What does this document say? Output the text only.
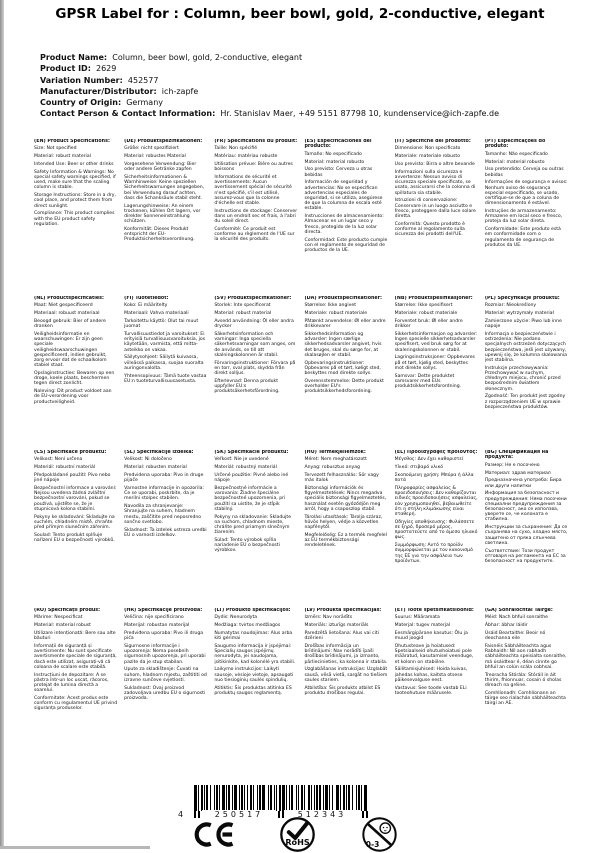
GPSR Label for : Column, beer bowl, gold, 2-conductive, elegant
Product Name: Column, beer bowl, gold, 2-conductive, elegant
Product ID: 2629
Variation Number: 452577
Manufacturer/Distributor: ich-zapfe
Country of Origin: Germany
Contact Person & Contact Information: Hr. Stanislav Maer, +49 5151 87798 10, kundenservice@ich-zapfe.de
(EN) Product Specifications:

Size: Not specified

Material: robust material

Intended Use: Beer or other drinks

Safety Information & Warnings: No special safety warnings specified, if used, make sure that the scaling column is stable.

Storage Instructions: Store in a dry, cool place, and protect them from direct sunlight.

Compliance: This product complies with the EU product safety regulation.

(DE) Produktspezifikationen:

Größe: nicht spezifiziert

Material: robustes Material

Vorgesehene Verwendung: Bier oder andere Getränke zapfen

Sicherheitsinformationen & Warnhinweise: Keine speziellen Sicherheitswarnungen angegeben, bei Verwendung darauf achten, dass die Schanksäule stabil steht.

Lagerungshinweise: An einem trockenen, kühlen Ort lagern, vor direkter Sonneneinstrahlung schützen.

Konformität: Dieses Produkt entspricht der EU-Produktsicherheitsverordnung.

(FR) Spécifications du produit:

Taille: Non spécifié

Matériau: matériau robuste

Utilisation prévue: Bière ou autres boissons

Informations de sécurité et avertissements: Aucun avertissement spécial de sécurité n'est spécifié, s'il est utilisé, assurez-vous que la colonne d'échelle est stable.

Instructions de stockage: Conserver dans un endroit sec et frais, à l'abri du soleil direct.

Conformité: Ce produit est conforme au règlement de l'UE sur la sécurité des produits.

(ES) Especificaciones del producto:

Tamaño: No especificado

Material: material robusto

Uso previsto: Cerveza u otras bebidas

Información de seguridad y advertencias: No se especifican advertencias especiales de seguridad, si se utiliza, asegúrese de que la columna de escala esté estable.

Instrucciones de almacenamiento: Almacenar en un lugar seco y fresco, protegido de la luz solar directa.

Conformidad: Este producto cumple con el reglamento de seguridad de productos de la UE.

(IT) Specifiche del prodotto:

Dimensione: Non specificato

Materiale: materiale robusto

Uso previsto: Birra o altre bevande

Informazioni sulla sicurezza e avvertenze: Nessun avviso di sicurezza speciale specificato, se usato, assicurarsi che la colonna di spillatura sia stabile.

Istruzioni di conservazione: Conservare in un luogo asciutto e fresco, proteggere dalla luce solare diretta.

Conformità: Questo prodotto è conforme al regolamento sulla sicurezza dei prodotti dell'UE.

(PT) Especificações do produto:

Tamanho: Não especificado

Material: material robusto

Uso pretendido: Cerveja ou outras bebidas

Informações de segurança e avisos: Nenhum aviso de segurança especial especificado, se usado, certifique-se de que a coluna de dimensionamento é estável.

Instruções de armazenamento: Armazene em local seco e fresco, proteja da luz solar direta.

Conformidade: Este produto está em conformidade com o regulamento de segurança de produtos da UE.

(NL) Productspecificaties:

Maat: Niet gespecificeerd

Materiaal: robuust materiaal

Beoogd gebruik: Bier of andere dranken

Veiligheidsinformatie en waarschuwingen: Er zijn geen speciale veiligheidswaarschuwingen gespecificeerd, indien gebruikt, zorg ervoor dat de schaalkolom stabiel staat.

Opslaginstructies: Bewaren op een droge, koele plaats, beschermen tegen direct zonlicht.

Naleving: Dit product voldoet aan de EU-verordening voor productveiligheid.

(FI) Tuotetiedot:

Koko: Ei määritelty

Materiaali: Vahva materiaali

Tarkoitettu käyttö: Olut tai muut juomat

Turvallisuustiedot ja varoitukset: Ei erityisiä turvallisuusvaroituksia, jos käytetään, varmista, että mitta-asteikko on vakaa.

Säilytysohjeet: Säilytä kuivassa, viileässä paikassa, suojaa suoralta auringonvalolta.

Yhteensopivuus: Tämä tuote vastaa EU:n tuoteturvallisuusasetusta.

(SV) Produktspecifikationer:

Storlek: Inte specificerat

Material: robust material

Avsedd användning: Öl eller andra drycker

Säkerhetsinformation och varningar: Inga speciella säkerhetsvarningar som anges, om de används, se till att skalningskolonnen är stabil.

Förvaringsinstruktioner: Förvara på en torr, sval plats, skydda från direkt solljus.

Efterlevnad: Denna produkt uppfyller EU:s produktsäkerhetsförordning.

(DA) Produktspecifikationer:

Størrelse: Ikke angivet

Materiale: robust materiale

Påtænkt anvendelse: Øl eller andre drikkevarer

Sikkerhedsinformation og advarsler: Ingen særlige sikkerhedsadvarsler angivet, hvis det bruges, skal du sørge for, at skalasøjlen er stabil.

Opbevaringsinstruktioner: Opbevares på et tørt, køligt sted, beskyttes mod direkte sollys.

Overensstemmelse: Dette produkt overholder EU's produktsikkerhedsforordning.

(NB) Produktspesifikasjoner:

Størrelse: Ikke spesifisert

Materiale: robust materiale

Forventet bruk: Øl eller andre drikker

Sikkerhetsinformasjon og advarsler: Ingen spesielle sikkerhetsadvarsler spesifisert, ved bruk sørg for at skaleringskolonnen er stabil.

Lagringsinstruksjoner: Oppbevares på et tørt, kjølig sted, beskyttes mot direkte sollys.

Samsvar: Dette produktet samsvarer med EUs produktsikkerhetsforordning.

(PL) Specyfikacje produktu:

Rozmiar: Nieokreślony

Materiał: wytrzymały materiał

Zamierzone użycie: Piwo lub inne napoje

Informacja o bezpieczeństwie i ostrzeżenia: Nie podano specjalnych ostrzeżeń dotyczących bezpieczeństwa, jeśli jest używany, upewnij się, że kolumna skalowania jest stabilna.

Instrukcje przechowywania: Przechowywać w suchym, chłodnym miejscu, chronić przed bezpośrednim światłem słonecznym.

Zgodność: Ten produkt jest zgodny z rozporządzeniem UE w sprawie bezpieczeństwa produktów.

(CS) Specifikace produktu:

Velikost: Není určena

Materiál: robustní materiál

Předpokládané použití: Pivo nebo jiné nápoje

Bezpečnostní informace a varování: Nejsou uvedena žádná zvláštní bezpečnostní varování, pokud se používá, ujistěte se, že je stupnicová kolona stabilní.

Pokyny ke skladování: Skladujte na suchém, chladném místě, chraňte před přímým slunečním zářením.

Soulad: Tento produkt splňuje nařízení EU o bezpečnosti výrobků.

(SL) Specifikacije izdelka:

Velikost: Ni določeno

Material: robusten material

Predvidena uporaba: Pivo in druge pijače

Varnostne informacije in opozorila: Če se uporabi, poskrbite, da je merilni stolpec stabilen.

Navodila za shranjevanje: Shranjujte na suhem, hladnem mestu, zaščitite pred neposredno sončno svetlobo.

Skladnost: Ta izdelek ustreza uredbi EU o varnosti izdelkov.

(SK) Špecifikácie produktu:

Veľkosť: Nie je uvedené

Materiál: robustný materiál

Určené použitie: Pivné alebo iné nápoje

Bezpečnostné informácie a varovania: Žiadne špeciálne bezpečnostné upozornenia, pri použití sa uistite, že je stĺpik stabilný.

Pokyny na skladovanie: Skladujte na suchom, chladnom mieste, chráňte pred priamym slnečným žiarením.

Súlad: Tento výrobok spĺňa nariadenie EÚ o bezpečnosti výrobkov.

(HU) Termékjellemzők:

Méret: Nem meghatározott

Anyag: robusztus anyag

Tervezett felhasználás: Sör vagy más italok

Biztonsági információk és figyelmeztetések: Nincs megadva speciális biztonsági figyelmeztetés, használat esetén győződjön meg arról, hogy a csaposzlop stabil.

Tárolási utasítások: Tárolja száraz, hűvös helyen, védje a közvetlen napfénytől.

Megfelelőség: Ez a termék megfelel az EU termékbiztonsági rendeletének.

(EL) Προδιαγραφές προϊόντος:

Μέγεθος: Δεν έχει καθοριστεί

Υλικό: στιβαρό υλικό

Σκοπούμενη χρήση: Μπύρα ή άλλα ποτά

Πληροφορίες ασφαλείας & προειδοποιήσεις: Δεν καθορίζονται ειδικές προειδοποιήσεις ασφαλείας, εάν χρησιμοποιηθεί, βεβαιωθείτε ότι η στήλη κλιμάκωσης είναι σταθερή.

Οδηγίες αποθήκευσης: Φυλάσσετε σε ξηρό, δροσερό μέρος, προστατεύετε από το άμεσο ηλιακό φως.

Συμμόρφωση: Αυτό το προϊόν συμμορφώνεται με τον κανονισμό της ΕΕ για την ασφάλεια των προϊόντων.

(BG) Спецификация на продукта:

Размер: Не е посочено

Материал: здрав материал

Предназначена употреба: Бира или други напитки

Информация за безопасност и предупреждения: Няма посочени специални предупреждения за безопасност, ако се използва, уверете се, че колоната е стабилна.

Инструкции за съхранение: Да се съхранява на сухо, хладно място, защитено от пряка слънчева светлина.

Съответствие: Този продукт отговаря на регламента на ЕС за безопасност на продуктите.

(RO) Specificații produs:

Mărime: Nespecificat

Material: material robust

Utilizare intenționată: Bere sau alte băuturi

Informații de siguranță și avertismente: Nu sunt specificate avertismente speciale de siguranță, dacă este utilizat, asigurați-vă că coloana de scalare este stabilă.

Instrucțiuni de depozitare: A se păstra într-un loc uscat, răcoros, protejat de lumina directă a soarelui.

Conformitate: Acest produs este conform cu regulamentul UE privind siguranța produselor.

(HR) Specifikacije proizvoda:

Veličina: nije specificirano

Materijal: robustan materijal

Predviđena uporaba: Pivo ili druga pića

Sigurnosne informacije i upozorenja: Nema posebnih sigurnosnih upozorenja, pri uporabi pazite da je stup stabilan.

Upute za skladištenje: Čuvati na suhom, hladnom mjestu, zaštititi od izravne sunčeve svjetlosti.

Sukladnost: Ovaj proizvod zadovoljava uredbu EU o sigurnosti proizvoda.

(LT) Produkto specifikacijos:

Dydis: Nenurodyta

Medžiaga: tvirtos medžiagos

Numatytas naudojimas: Alus arba kiti gėrimai

Saugumo informacija ir įspėjimai: Specialių saugos įspėjimų nenurodyta, jei naudojama, įsitikinkite, kad kolonėlė yra stabili.

Laikymo instrukcijos: Laikyti sausoje, vėsioje vietoje, apsaugoti nuo tiesioginių saulės spindulių.

Atitiktis: Šis produktas atitinka ES produktų saugos reglamentą.

(LV) Produkta specifikācijas:

Izmērs: Nav norādīts

Materiāls: izturīgs materiāls

Paredzētā lietošana: Alus vai citi dzērieni

Drošības informācija un brīdinājumi: Nav norādīti īpaši drošības brīdinājumi, ja izmanto, pārliecinieties, ka kolonna ir stabila.

Uzglabāšanas instrukcijas: Uzglabāt sausā, vēsā vietā, sargāt no tiešiem saules stariem.

Atbilstība: Šis produkts atbilst ES produktu drošības regulai.

(ET) Toote spetsifikatsioonid:

Suurus: Määramata

Materjal: tugev materjal

Eesmärgipärane kasutus: Õlu ja muud joogid

Ohutusteave ja hoiatused: Spetsiaalseid ohutushoiatusi pole määratud, kasutamisel veenduge, et kolonn on stabiilne.

Säilitamisjuhised: Hoida kuivas, jahedas kohas, kaitsta otsese päikesevalguse eest.

Vastavus: See toode vastab ELi tooteohutuse määrusele.

(GA) Sonraíochtaí Táirge:

Méid: Nach bhfuil sonraithe

Ábhar: ábhar láidir

Úsáid Beartaithe: Beoir nó deochanna eile

Faisnéis Sábháilteachta agus Rabhaidh: Níl aon rabhadh sábháilteachta speisialta sonraithe, má úsáidtear é, déan cinnte go bhfuil an colún scála cobhsaí.

Treoracha Stórála: Stóráil in áit thirim, fhionnuar, cosain ó sholas díreach na gréine.

Comhlíonadh: Comhlíonann an táirge seo rialachán sábháilteachta táirgí an AE.

4	250517	512343
RoHS	0-3
